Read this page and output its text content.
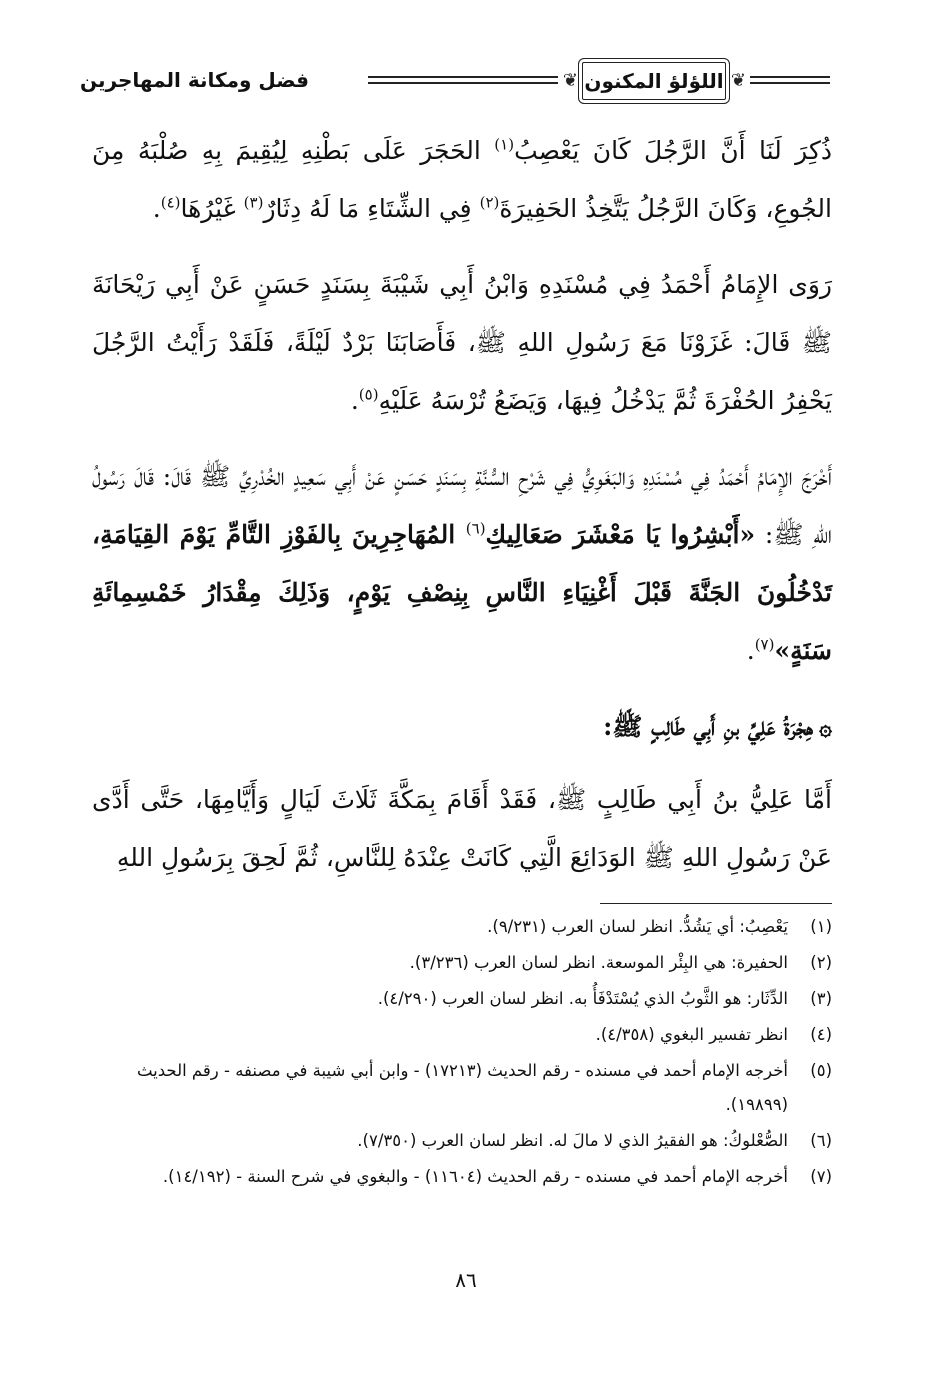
❦
اللؤلؤ المكنون
❦
فضل ومكانة المهاجرين

ذُكِرَ لَنَا أَنَّ الرَّجُلَ كَانَ يَعْصِبُ$^{(١)}$ الحَجَرَ عَلَى بَطْنِهِ لِيُقِيمَ بِهِ صُلْبَهُ مِنَ الجُوعِ، وَكَانَ الرَّجُلُ يَتَّخِذُ الحَفِيرَةَ$^{(٢)}$ فِي الشِّتَاءِ مَا لَهُ دِثَارٌ$^{(٣)}$ غَيْرُهَا$^{(٤)}$.

رَوَى الإِمَامُ أَحْمَدُ فِي مُسْنَدِهِ وَابْنُ أَبِي شَيْبَةَ بِسَنَدٍ حَسَنٍ عَنْ أَبِي رَيْحَانَةَ ﷺ قَالَ: غَزَوْنَا مَعَ رَسُولِ اللهِ ﷺ، فَأَصَابَنَا بَرْدٌ لَيْلَةً، فَلَقَدْ رَأَيْتُ الرَّجُلَ يَحْفِرُ الحُفْرَةَ ثُمَّ يَدْخُلُ فِيهَا، وَيَضَعُ تُرْسَهُ عَلَيْهِ$^{(٥)}$.

أَخْرَجَ الإِمَامُ أَحْمَدُ فِي مُسْنَدِهِ وَالبَغَوِيُّ فِي شَرْحِ السُّنَّةِ بِسَنَدٍ حَسَنٍ عَنْ أَبِي سَعِيدٍ الخُدْرِيِّ ﷺ قَالَ: قَالَ رَسُولُ اللهِ ﷺ: «أَبْشِرُوا يَا مَعْشَرَ صَعَالِيكِ$^{(٦)}$ المُهَاجِرِينَ بِالفَوْزِ التَّامِّ يَوْمَ القِيَامَةِ، تَدْخُلُونَ الجَنَّةَ قَبْلَ أَغْنِيَاءِ النَّاسِ بِنِصْفِ يَوْمٍ، وَذَلِكَ مِقْدَارُ خَمْسِمِائَةِ سَنَةٍ»$^{(٧)}$.

۞هِجْرَةُ عَلِيِّ بنِ أَبِي طَالِبٍ ﷺ:

أَمَّا عَلِيُّ بنُ أَبِي طَالِبٍ ﷺ، فَقَدْ أَقَامَ بِمَكَّةَ ثَلَاثَ لَيَالٍ وَأَيَّامِهَا، حَتَّى أَدَّى عَنْ رَسُولِ اللهِ ﷺ الوَدَائِعَ الَّتِي كَانَتْ عِنْدَهُ لِلنَّاسِ، ثُمَّ لَحِقَ بِرَسُولِ اللهِ

(١)
يَعْصِبُ: أي يَشُدُّ. انظر لسان العرب (٩/٢٣١).
(٢)
الحفيرة: هي البِئْر الموسعة. انظر لسان العرب (٣/٢٣٦).
(٣)
الدِّثَار: هو الثَّوبُ الذي يُسْتَدْفَأُ به. انظر لسان العرب (٤/٢٩٠).
(٤)
انظر تفسير البغوي (٤/٣٥٨).
(٥)
أخرجه الإمام أحمد في مسنده - رقم الحديث (١٧٢١٣) - وابن أبي شيبة في مصنفه - رقم الحديث (١٩٨٩٩).
(٦)
الصُّعْلوكُ: هو الفقيرُ الذي لا مالَ له. انظر لسان العرب (٧/٣٥٠).
(٧)
أخرجه الإمام أحمد في مسنده - رقم الحديث (١١٦٠٤) - والبغوي في شرح السنة - (١٤/١٩٢).
٨٦
